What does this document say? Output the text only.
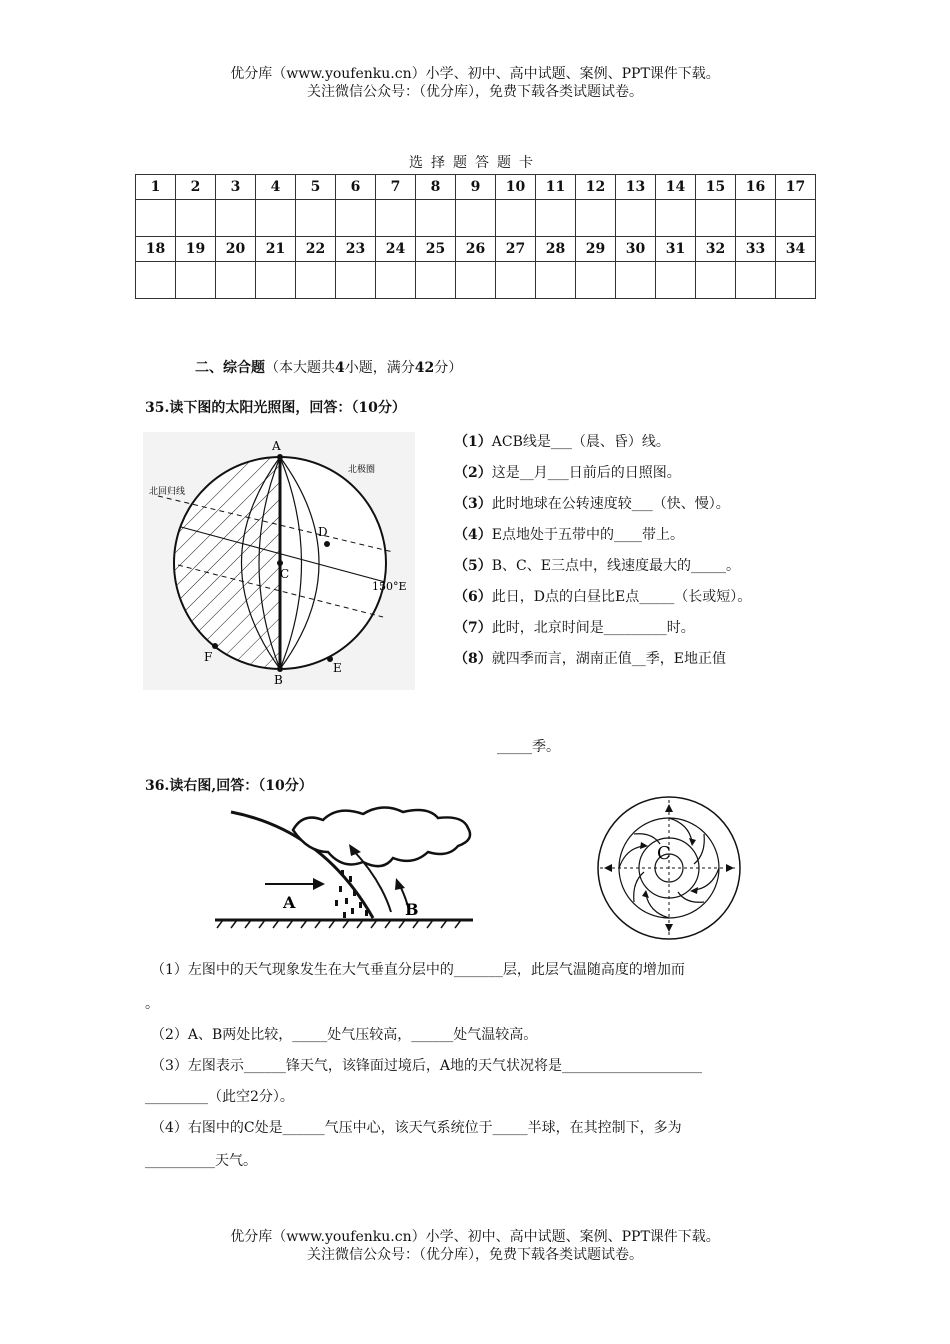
优分库（www.youfenku.cn）小学、初中、高中试题、案例、PPT课件下载。
关注微信公众号：（优分库），免费下载各类试题试卷。
选择题答题卡
1	2	3	4	5	6	7	8	9	10	11	12	13	14	15	16	17

18	19	20	21	22	23	24	25	26	27	28	29	30	31	32	33	34

二、综合题（本大题共4小题，满分42分）
35.读下图的太阳光照图，回答：（10分）
A
B
C
D
E
F
北回归线
北极圈
150°E
（1）ACB线是___（晨、昏）线。
（2）这是__月___日前后的日照图。
（3）此时地球在公转速度较___（快、慢）。
（4）E点地处于五带中的____带上。
（5）B、C、E三点中，线速度最大的_____。
（6）此日，D点的白昼比E点_____（长或短）。
（7）此时，北京时间是_________时。
（8）就四季而言，湖南正值__季，E地正值
_____季。
36.读右图,回答：（10分）
A	B
C
（1）左图中的天气现象发生在大气垂直分层中的_______层，此层气温随高度的增加而
。
（2）A、B两处比较，_____处气压较高，______处气温较高。
（3）左图表示______锋天气，该锋面过境后，A地的天气状况将是____________________
_________（此空2分）。
（4）右图中的C处是______气压中心，该天气系统位于_____半球，在其控制下，多为
__________天气。
优分库（www.youfenku.cn）小学、初中、高中试题、案例、PPT课件下载。
关注微信公众号：（优分库），免费下载各类试题试卷。
